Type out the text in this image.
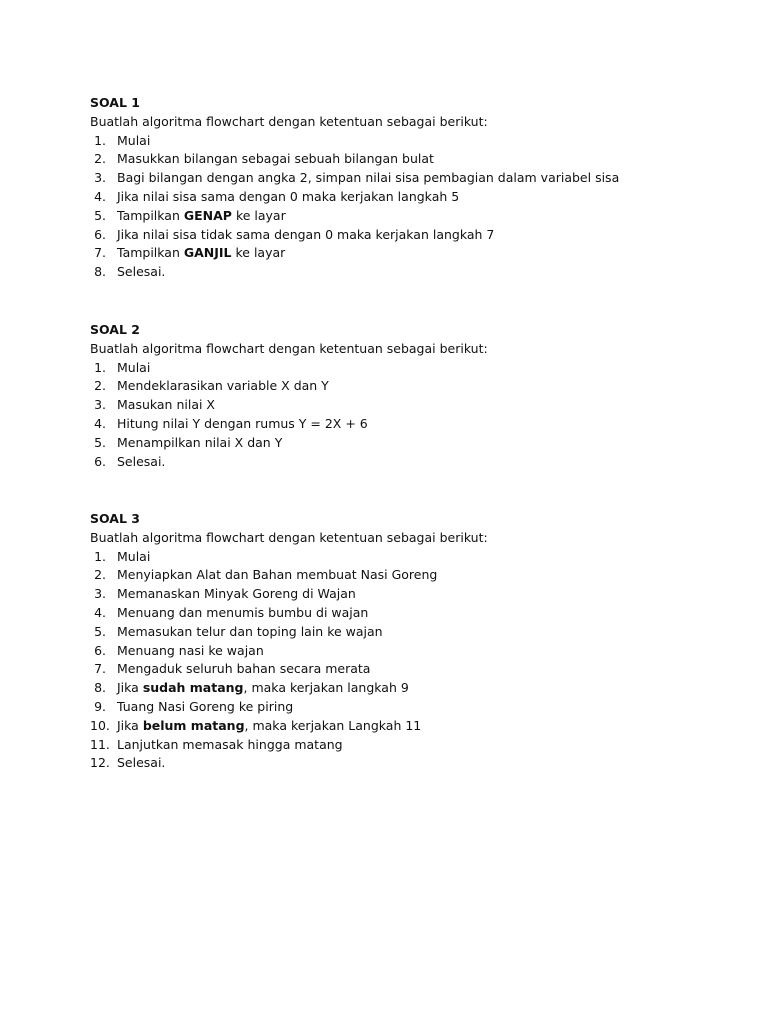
SOAL 1
Buatlah algoritma flowchart dengan ketentuan sebagai berikut:
1. Mulai
2. Masukkan bilangan sebagai sebuah bilangan bulat
3. Bagi bilangan dengan angka 2, simpan nilai sisa pembagian dalam variabel sisa
4. Jika nilai sisa sama dengan 0 maka kerjakan langkah 5
5. Tampilkan GENAP ke layar
6. Jika nilai sisa tidak sama dengan 0 maka kerjakan langkah 7
7. Tampilkan GANJIL ke layar
8. Selesai.
SOAL 2
Buatlah algoritma flowchart dengan ketentuan sebagai berikut:
1. Mulai
2. Mendeklarasikan variable X dan Y
3. Masukan nilai X
4. Hitung nilai Y dengan rumus Y = 2X + 6
5. Menampilkan nilai X dan Y
6. Selesai.
SOAL 3
Buatlah algoritma flowchart dengan ketentuan sebagai berikut:
1. Mulai
2. Menyiapkan Alat dan Bahan membuat Nasi Goreng
3. Memanaskan Minyak Goreng di Wajan
4. Menuang dan menumis bumbu di wajan
5. Memasukan telur dan toping lain ke wajan
6. Menuang nasi ke wajan
7. Mengaduk seluruh bahan secara merata
8. Jika sudah matang, maka kerjakan langkah 9
9. Tuang Nasi Goreng ke piring
10. Jika belum matang, maka kerjakan Langkah 11
11. Lanjutkan memasak hingga matang
12. Selesai.
